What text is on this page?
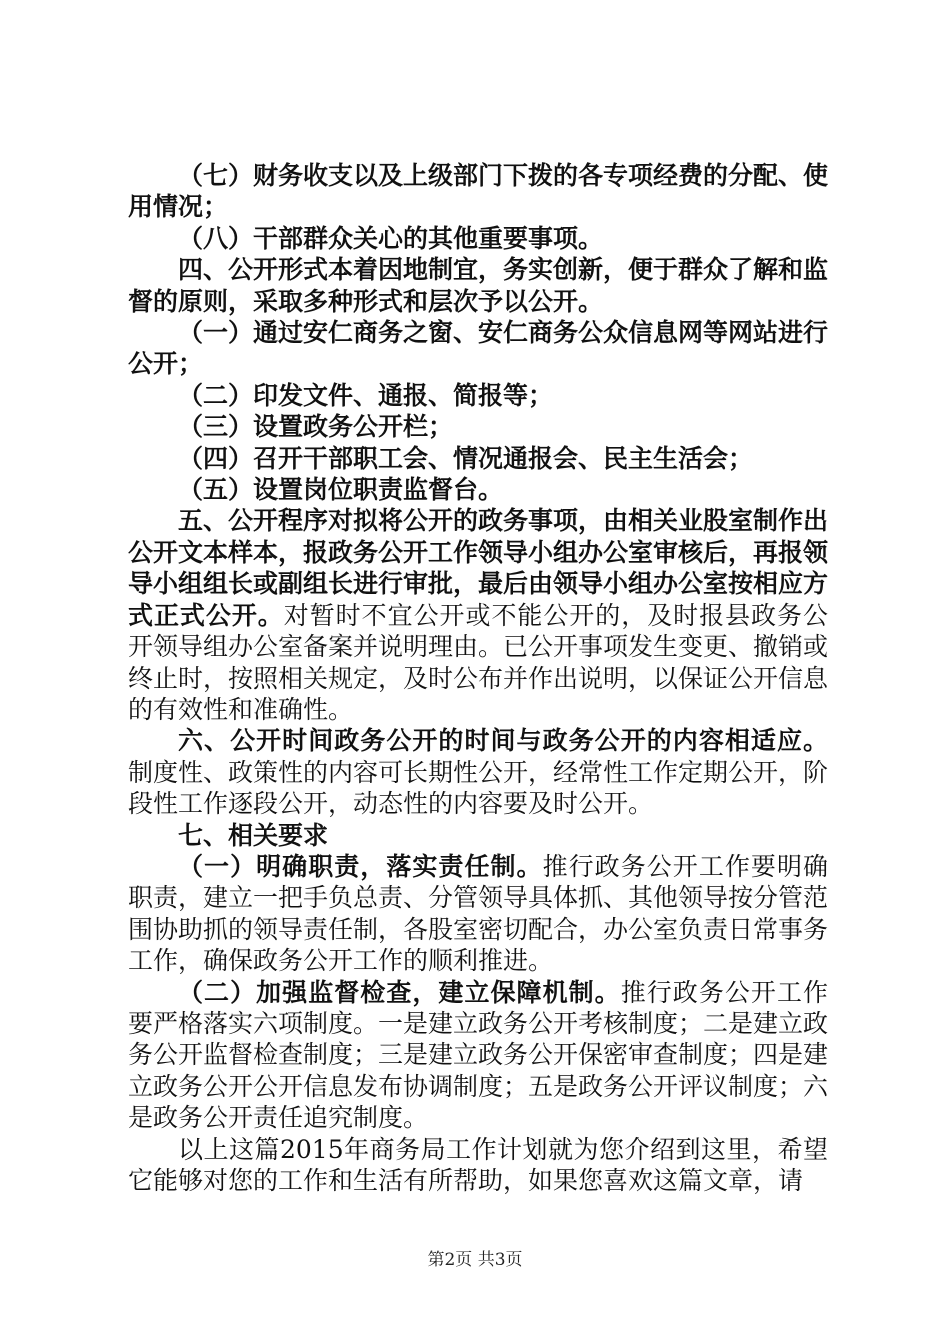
（七）财务收支以及上级部门下拨的各专项经费的分配、使用情况；

（八）干部群众关心的其他重要事项。

四、公开形式本着因地制宜，务实创新，便于群众了解和监督的原则，采取多种形式和层次予以公开。

（一）通过安仁商务之窗、安仁商务公众信息网等网站进行公开；

（二）印发文件、通报、简报等；

（三）设置政务公开栏；

（四）召开干部职工会、情况通报会、民主生活会；

（五）设置岗位职责监督台。

五、公开程序对拟将公开的政务事项，由相关业股室制作出公开文本样本，报政务公开工作领导小组办公室审核后，再报领导小组组长或副组长进行审批，最后由领导小组办公室按相应方式正式公开。对暂时不宜公开或不能公开的，及时报县政务公开领导组办公室备案并说明理由。已公开事项发生变更、撤销或终止时，按照相关规定，及时公布并作出说明，以保证公开信息的有效性和准确性。

六、公开时间政务公开的时间与政务公开的内容相适应。制度性、政策性的内容可长期性公开，经常性工作定期公开，阶段性工作逐段公开，动态性的内容要及时公开。

七、相关要求

（一）明确职责，落实责任制。推行政务公开工作要明确职责，建立一把手负总责、分管领导具体抓、其他领导按分管范围协助抓的领导责任制，各股室密切配合，办公室负责日常事务工作，确保政务公开工作的顺利推进。

（二）加强监督检查，建立保障机制。推行政务公开工作要严格落实六项制度。一是建立政务公开考核制度；二是建立政务公开监督检查制度；三是建立政务公开保密审查制度；四是建立政务公开公开信息发布协调制度；五是政务公开评议制度；六是政务公开责任追究制度。

以上这篇2015年商务局工作计划就为您介绍到这里，希望它能够对您的工作和生活有所帮助，如果您喜欢这篇文章，请

第2页 共3页
